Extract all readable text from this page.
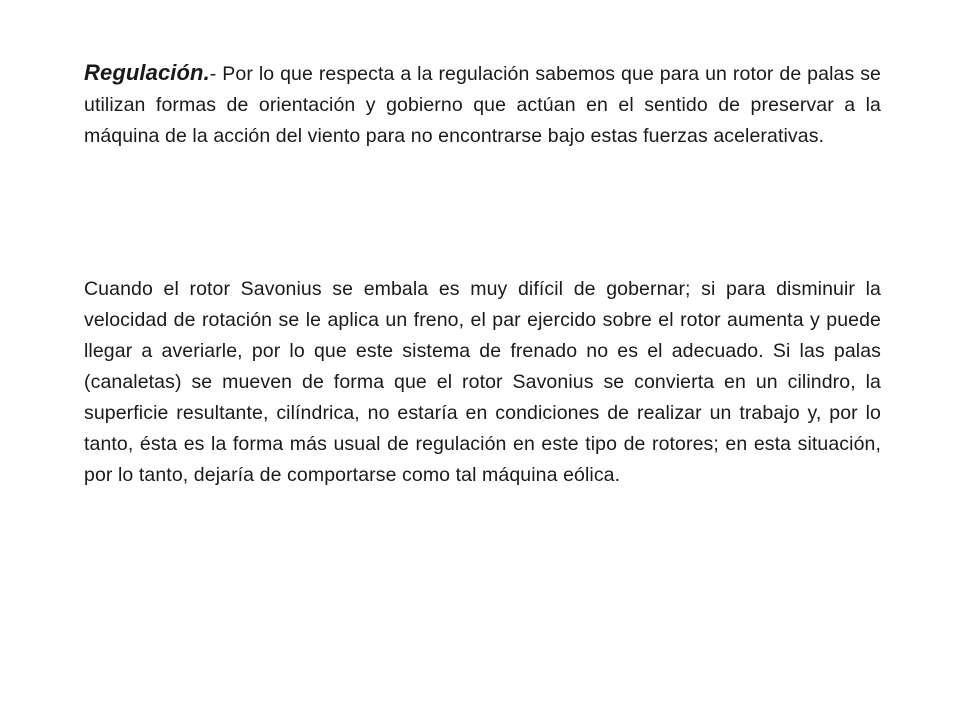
Regulación.- Por lo que respecta a la regulación sabemos que para un rotor de palas se utilizan formas de orientación y gobierno que actúan en el sentido de preservar a la máquina de la acción del viento para no encontrarse bajo estas fuerzas acelerativas.

Cuando el rotor Savonius se embala es muy difícil de gobernar; si para disminuir la velocidad de rotación se le aplica un freno, el par ejercido sobre el rotor aumenta y puede llegar a averiarle, por lo que este sistema de frenado no es el adecuado. Si las palas (canaletas) se mueven de forma que el rotor Savonius se convierta en un cilindro, la superficie resultante, cilíndrica, no estaría en condiciones de realizar un trabajo y, por lo tanto, ésta es la forma más usual de regulación en este tipo de rotores; en esta situación, por lo tanto, dejaría de comportarse como tal máquina eólica.
